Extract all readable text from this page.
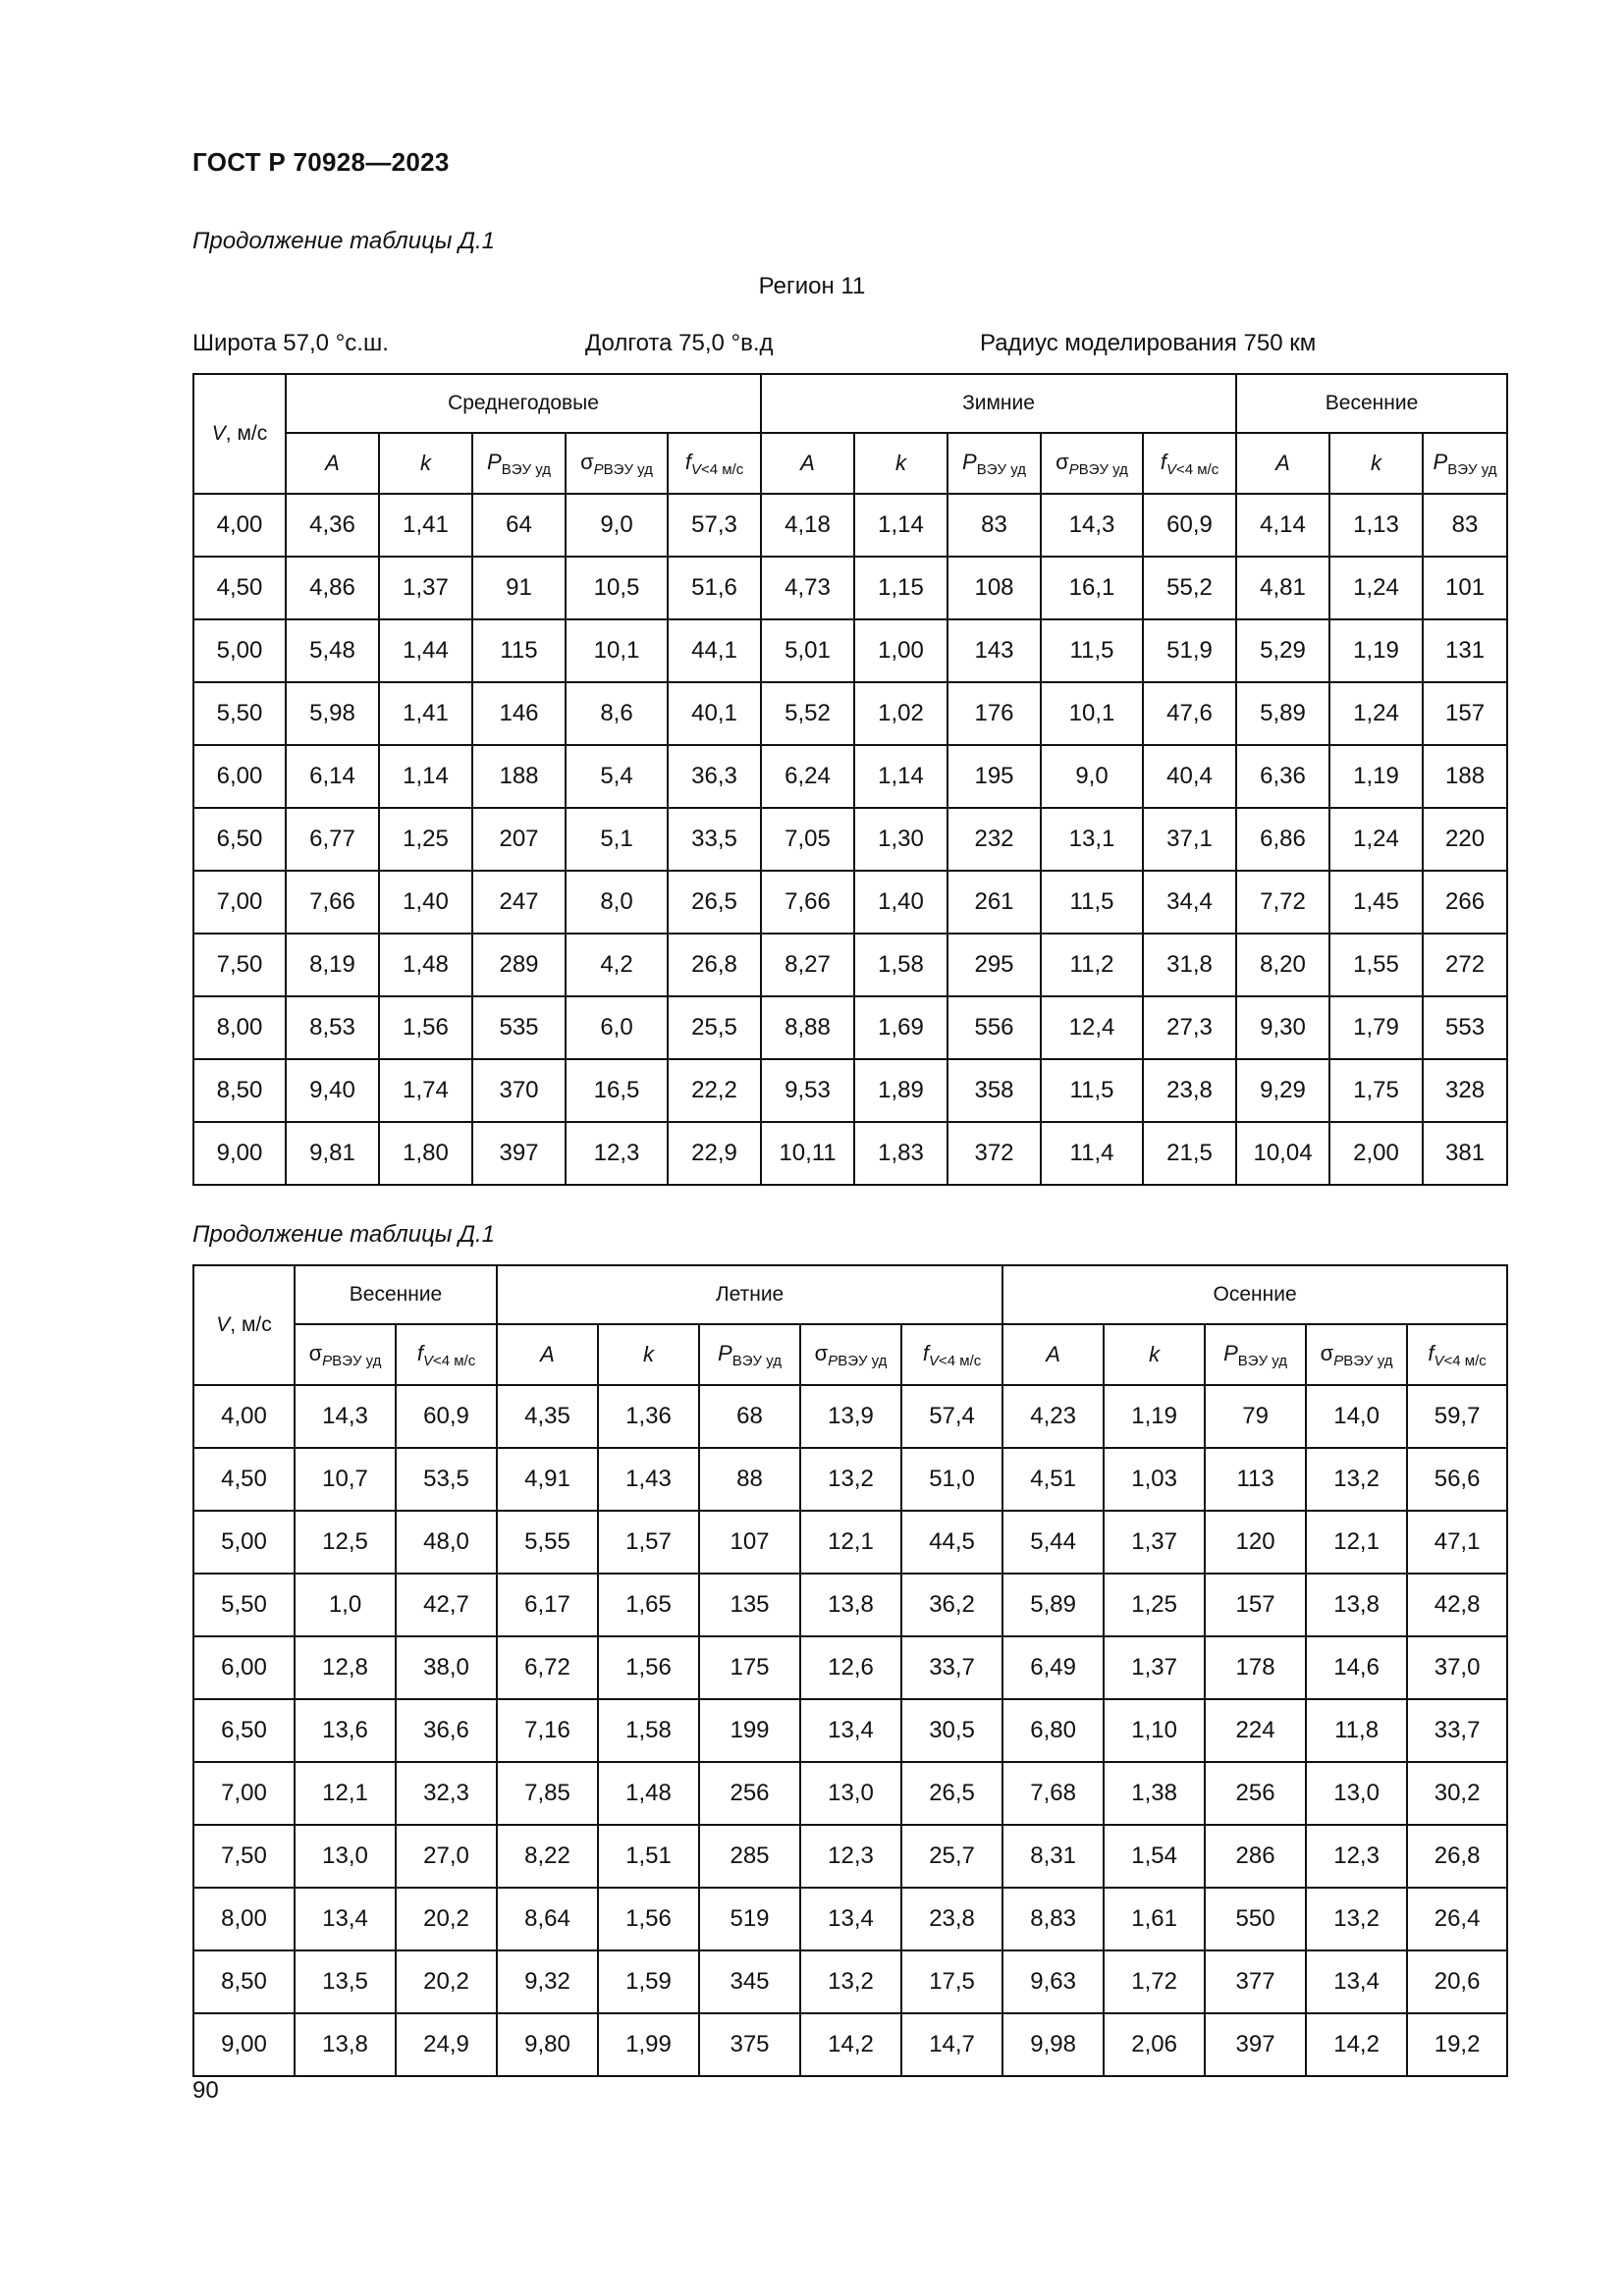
ГОСТ Р 70928—2023
Продолжение таблицы Д.1
Регион 11
Широта 57,0 °с.ш.	Долгота 75,0 °в.д	Радиус моделирования 750 км
V, м/с	Среднегодовые					Зимние					Весенние		
	A	k	$P_{ВЭУ уд}$	$\sigma_{PВЭУ уд}$	$f_{V<4 м/с}$	A	k	$P_{ВЭУ уд}$	$\sigma_{PВЭУ уд}$	$f_{V<4 м/с}$	A	k	$P_{ВЭУ уд}$
4,00	4,36	1,41	64	9,0	57,3	4,18	1,14	83	14,3	60,9	4,14	1,13	83
4,50	4,86	1,37	91	10,5	51,6	4,73	1,15	108	16,1	55,2	4,81	1,24	101
5,00	5,48	1,44	115	10,1	44,1	5,01	1,00	143	11,5	51,9	5,29	1,19	131
5,50	5,98	1,41	146	8,6	40,1	5,52	1,02	176	10,1	47,6	5,89	1,24	157
6,00	6,14	1,14	188	5,4	36,3	6,24	1,14	195	9,0	40,4	6,36	1,19	188
6,50	6,77	1,25	207	5,1	33,5	7,05	1,30	232	13,1	37,1	6,86	1,24	220
7,00	7,66	1,40	247	8,0	26,5	7,66	1,40	261	11,5	34,4	7,72	1,45	266
7,50	8,19	1,48	289	4,2	26,8	8,27	1,58	295	11,2	31,8	8,20	1,55	272
8,00	8,53	1,56	535	6,0	25,5	8,88	1,69	556	12,4	27,3	9,30	1,79	553
8,50	9,40	1,74	370	16,5	22,2	9,53	1,89	358	11,5	23,8	9,29	1,75	328
9,00	9,81	1,80	397	12,3	22,9	10,11	1,83	372	11,4	21,5	10,04	2,00	381
Продолжение таблицы Д.1
V, м/с	Весенние		Летние					Осенние				
	$\sigma_{PВЭУ уд}$	$f_{V<4 м/с}$	A	k	$P_{ВЭУ уд}$	$\sigma_{PВЭУ уд}$	$f_{V<4 м/с}$	A	k	$P_{ВЭУ уд}$	$\sigma_{PВЭУ уд}$	$f_{V<4 м/с}$
4,00	14,3	60,9	4,35	1,36	68	13,9	57,4	4,23	1,19	79	14,0	59,7
4,50	10,7	53,5	4,91	1,43	88	13,2	51,0	4,51	1,03	113	13,2	56,6
5,00	12,5	48,0	5,55	1,57	107	12,1	44,5	5,44	1,37	120	12,1	47,1
5,50	1,0	42,7	6,17	1,65	135	13,8	36,2	5,89	1,25	157	13,8	42,8
6,00	12,8	38,0	6,72	1,56	175	12,6	33,7	6,49	1,37	178	14,6	37,0
6,50	13,6	36,6	7,16	1,58	199	13,4	30,5	6,80	1,10	224	11,8	33,7
7,00	12,1	32,3	7,85	1,48	256	13,0	26,5	7,68	1,38	256	13,0	30,2
7,50	13,0	27,0	8,22	1,51	285	12,3	25,7	8,31	1,54	286	12,3	26,8
8,00	13,4	20,2	8,64	1,56	519	13,4	23,8	8,83	1,61	550	13,2	26,4
8,50	13,5	20,2	9,32	1,59	345	13,2	17,5	9,63	1,72	377	13,4	20,6
9,00	13,8	24,9	9,80	1,99	375	14,2	14,7	9,98	2,06	397	14,2	19,2
90
